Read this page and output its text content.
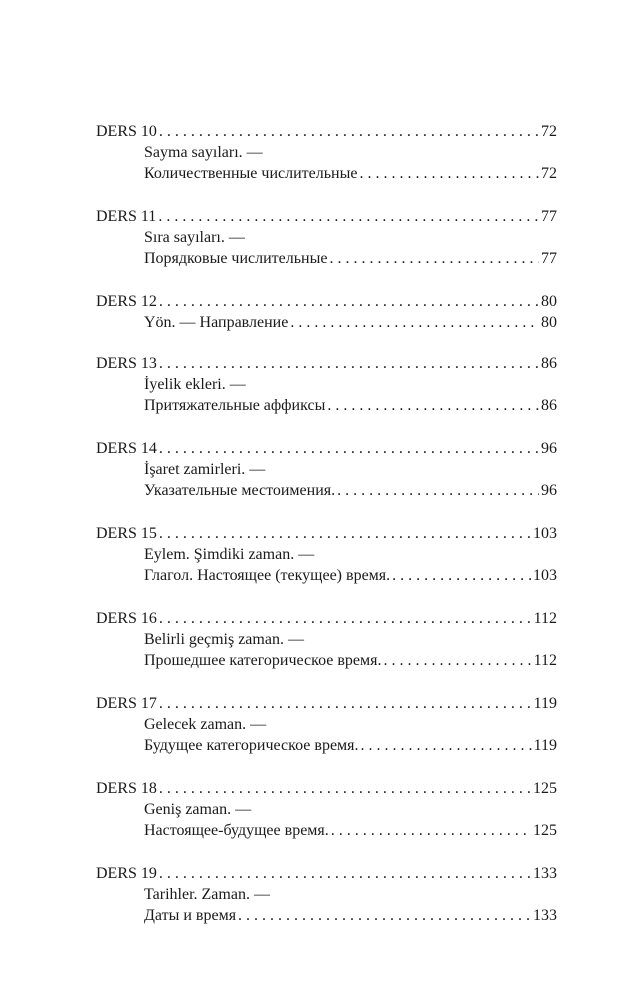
DERS 10 . . .	72
Sayma sayıları. —
Количественные числительные . . .	72
DERS 11 . . .	77
Sıra sayıları. —
Порядковые числительные . . .	77
DERS 12 . . .	80
Yön. — Направление . . .	80
DERS 13 . . .	86
İyelik ekleri. —
Притяжательные аффиксы . . .	86
DERS 14 . . .	96
İşaret zamirleri. —
Указательные местоимения. . . .	96
DERS 15 . . .	103
Eylem. Şimdiki zaman. —
Глагол. Настоящее (текущее) время. . . .	103
DERS 16 . . .	112
Belirli geçmiş zaman. —
Прошедшее категорическое время. . . .	112
DERS 17 . . .	119
Gelecek zaman. —
Будущее категорическое время. . . .	119
DERS 18 . . .	125
Geniş zaman. —
Настоящее-будущее время. . . .	125
DERS 19 . . .	133
Tarihler. Zaman. —
Даты и время . . .	133
